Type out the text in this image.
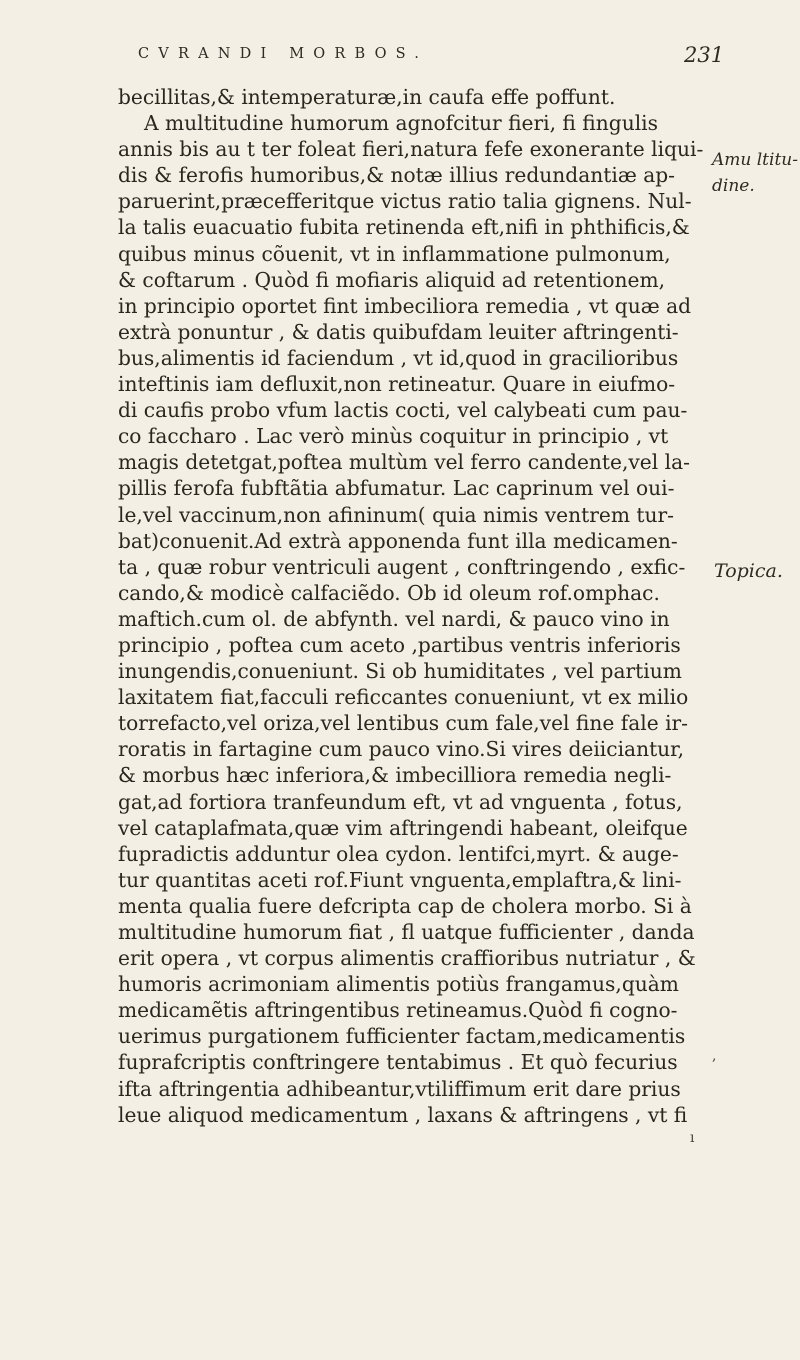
CVRANDI MORBOS.	231
Amu ltitu-
dine.
Topica.
becillitas,& intemperaturæ,in caufa effe poffunt.
A multitudine humorum agnofcitur fieri, fi fingulis
annis bis au t ter foleat fieri,natura fefe exonerante liqui-
dis & ferofis humoribus,& notæ illius redundantiæ ap-
paruerint,præcefferitque victus ratio talia gignens. Nul-
la talis euacuatio fubita retinenda eft,nifi in phthificis,&
quibus minus cõuenit, vt in inflammatione pulmonum,
& coftarum . Quòd fi mofiaris aliquid ad retentionem,
in principio oportet fint imbeciliora remedia , vt quæ ad
extrà ponuntur , & datis quibufdam leuiter aftringenti-
bus,alimentis id faciendum , vt id,quod in gracilioribus
inteftinis iam defluxit,non retineatur. Quare in eiufmo-
di caufis probo vfum lactis cocti, vel calybeati cum pau-
co faccharo . Lac verò minùs coquitur in principio , vt
magis detetgat,poftea multùm vel ferro candente,vel la-
pillis ferofa fubftãtia abfumatur. Lac caprinum vel oui-
le,vel vaccinum,non afininum( quia nimis ventrem tur-
bat)conuenit.Ad extrà apponenda funt illa medicamen-
ta , quæ robur ventriculi augent , conftringendo , exfic-
cando,& modicè calfaciẽdo. Ob id oleum rof.omphac.
maftich.cum ol. de abfynth. vel nardi, & pauco vino in
principio , poftea cum aceto ,partibus ventris inferioris
inungendis,conueniunt. Si ob humiditates , vel partium
laxitatem fiat,facculi reficcantes conueniunt, vt ex milio
torrefacto,vel oriza,vel lentibus cum fale,vel fine fale ir-
roratis in fartagine cum pauco vino.Si vires deiiciantur,
& morbus hæc inferiora,& imbecilliora remedia negli-
gat,ad fortiora tranfeundum eft, vt ad vnguenta , fotus,
vel cataplafmata,quæ vim aftringendi habeant, oleifque
fupradictis adduntur olea cydon. lentifci,myrt. & auge-
tur quantitas aceti rof.Fiunt vnguenta,emplaftra,& lini-
menta qualia fuere defcripta cap de cholera morbo. Si à
multitudine humorum fiat , fl uatque fufficienter , danda
erit opera , vt corpus alimentis craffioribus nutriatur , &
humoris acrimoniam alimentis potiùs frangamus,quàm
medicamẽtis aftringentibus retineamus.Quòd fi cogno-
uerimus purgationem fufficienter factam,medicamentis
fuprafcriptis conftringere tentabimus . Et quò fecurius
ifta aftringentia adhibeantur,vtiliffimum erit dare prius
leue aliquod medicamentum , laxans & aftringens , vt fi
,
ı
